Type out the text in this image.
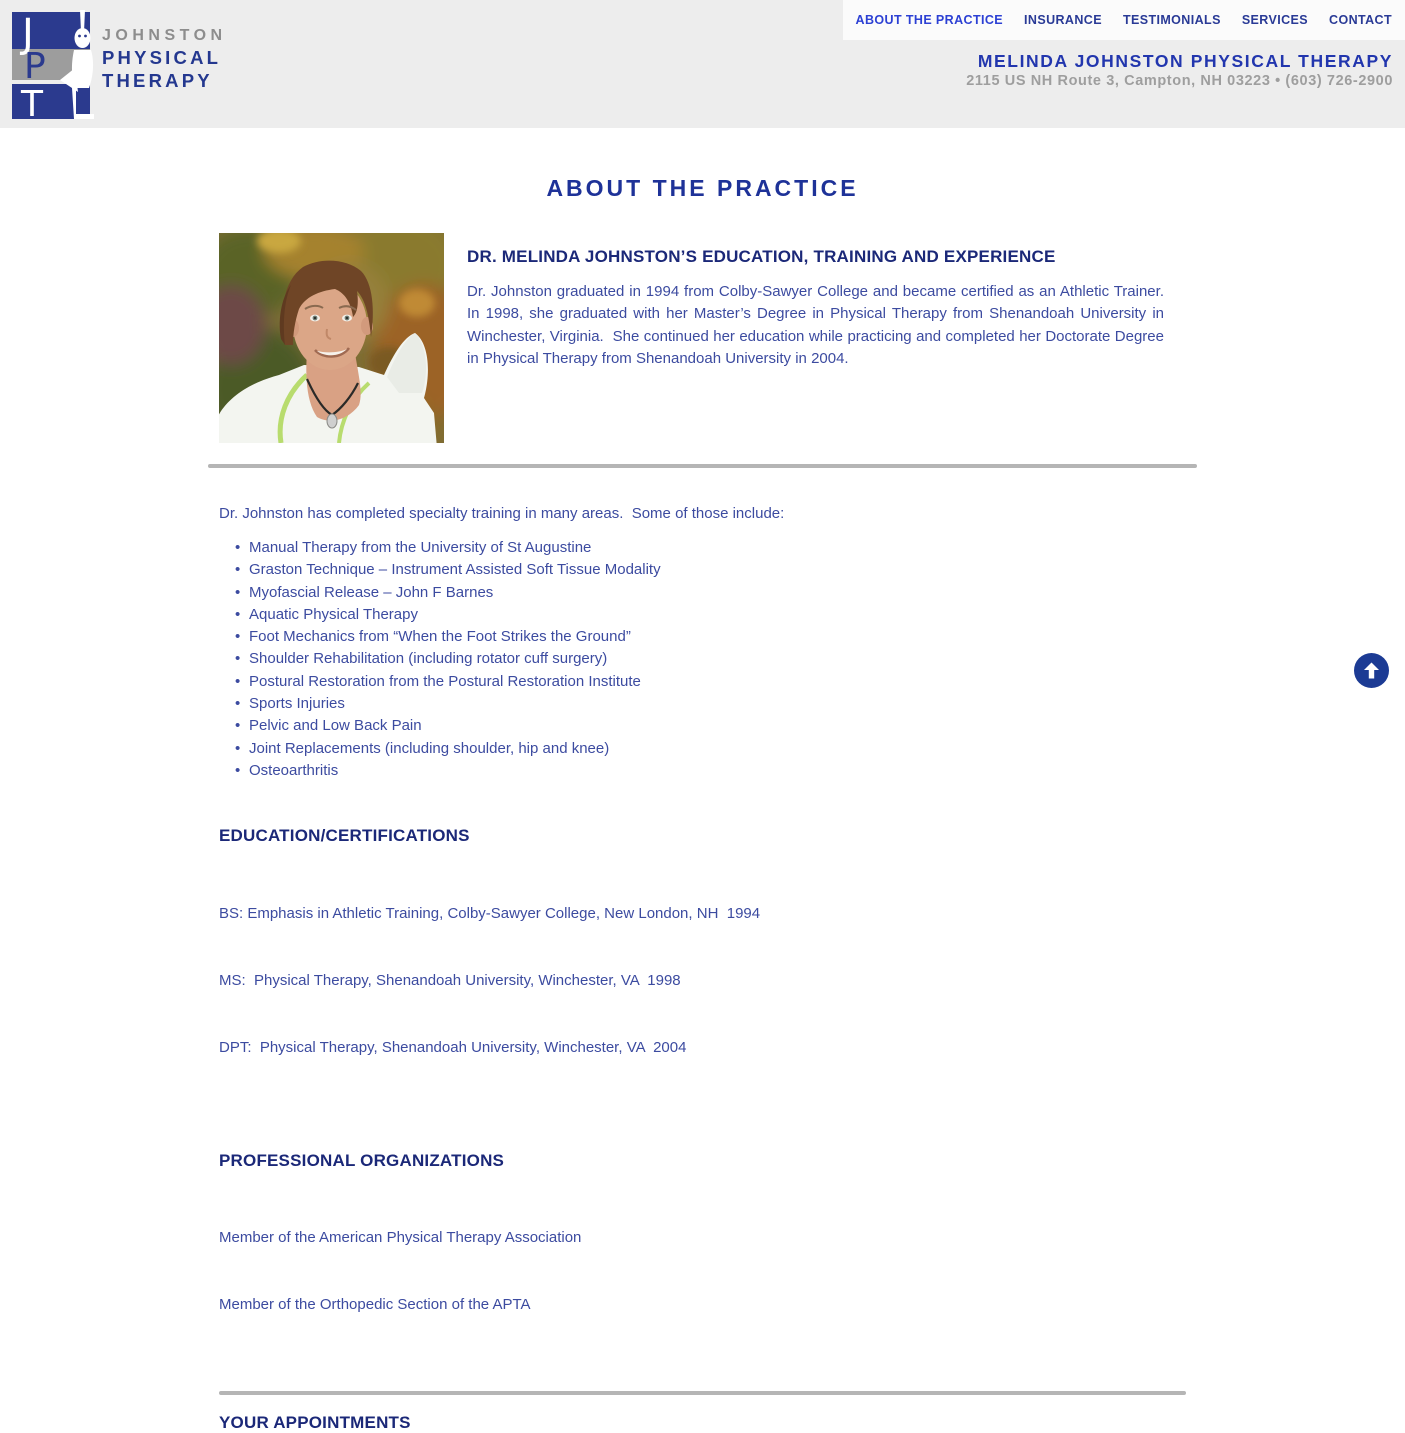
J
P
T
JOHNSTON
PHYSICAL
THERAPY
ABOUT THE PRACTICE INSURANCE TESTIMONIALS SERVICES CONTACT
MELINDA JOHNSTON PHYSICAL THERAPY
2115 US NH Route 3, Campton, NH 03223 • (603) 726-2900
ABOUT THE PRACTICE
DR. MELINDA JOHNSTON’S EDUCATION, TRAINING AND EXPERIENCE

Dr. Johnston graduated in 1994 from Colby-Sawyer College and became certified as an Athletic Trainer.  In 1998, she graduated with her Master’s Degree in Physical Therapy from Shenandoah University in Winchester, Virginia.  She continued her education while practicing and completed her Doctorate Degree in Physical Therapy from Shenandoah University in 2004.

Dr. Johnston has completed specialty training in many areas.  Some of those include:
• Manual Therapy from the University of St Augustine
• Graston Technique – Instrument Assisted Soft Tissue Modality
• Myofascial Release – John F Barnes
• Aquatic Physical Therapy
• Foot Mechanics from “When the Foot Strikes the Ground”
• Shoulder Rehabilitation (including rotator cuff surgery)
• Postural Restoration from the Postural Restoration Institute
• Sports Injuries
• Pelvic and Low Back Pain
• Joint Replacements (including shoulder, hip and knee)
• Osteoarthritis
EDUCATION/CERTIFICATIONS

BS: Emphasis in Athletic Training, Colby-Sawyer College, New London, NH  1994

MS:  Physical Therapy, Shenandoah University, Winchester, VA  1998

DPT:  Physical Therapy, Shenandoah University, Winchester, VA  2004

PROFESSIONAL ORGANIZATIONS

Member of the American Physical Therapy Association

Member of the Orthopedic Section of the APTA

YOUR APPOINTMENTS
